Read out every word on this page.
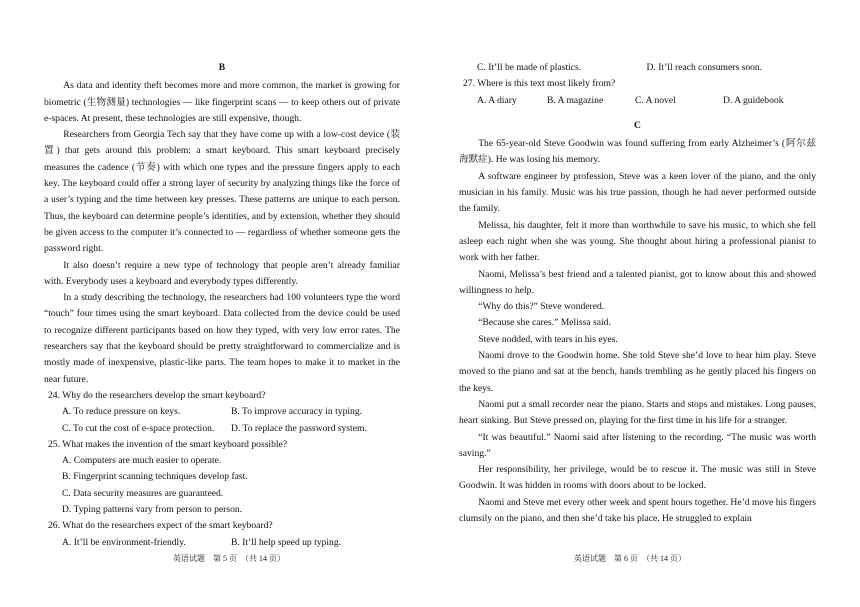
B

As data and identity theft becomes more and more common, the market is growing for biometric (生物测量) technologies — like fingerprint scans — to keep others out of private e-spaces. At present, these technologies are still expensive, though.

Researchers from Georgia Tech say that they have come up with a low-cost device (装置) that gets around this problem: a smart keyboard. This smart keyboard precisely measures the cadence (节奏) with which one types and the pressure fingers apply to each key. The keyboard could offer a strong layer of security by analyzing things like the force of a user’s typing and the time between key presses. These patterns are unique to each person. Thus, the keyboard can determine people’s identities, and by extension, whether they should be given access to the computer it’s connected to — regardless of whether someone gets the password right.

It also doesn’t require a new type of technology that people aren’t already familiar with. Everybody uses a keyboard and everybody types differently.

In a study describing the technology, the researchers had 100 volunteers type the word “touch” four times using the smart keyboard. Data collected from the device could be used to recognize different participants based on how they typed, with very low error rates. The researchers say that the keyboard should be pretty straightforward to commercialize and is mostly made of inexpensive, plastic-like parts. The team hopes to make it to market in the near future.

24. Why do the researchers develop the smart keyboard?
A. To reduce pressure on keys.	B. To improve accuracy in typing.
C. To cut the cost of e-space protection.	D. To replace the password system.
25. What makes the invention of the smart keyboard possible?
A. Computers are much easier to operate.
B. Fingerprint scanning techniques develop fast.
C. Data security measures are guaranteed.
D. Typing patterns vary from person to person.
26. What do the researchers expect of the smart keyboard?
A. It’ll be environment-friendly.	B. It’ll help speed up typing.
C. It’ll be made of plastics.	D. It’ll reach consumers soon.
27. Where is this text most likely from?
A. A diary	B. A magazine	C. A novel	D. A guidebook
C

The 65-year-old Steve Goodwin was found suffering from early Alzheimer’s (阿尔兹海默症). He was losing his memory.

A software engineer by profession, Steve was a keen lover of the piano, and the only musician in his family. Music was his true passion, though he had never performed outside the family.

Melissa, his daughter, felt it more than worthwhile to save his music, to which she fell asleep each night when she was young. She thought about hiring a professional pianist to work with her father.

Naomi, Melissa’s best friend and a talented pianist, got to know about this and showed willingness to help.

“Why do this?” Steve wondered.

“Because she cares.” Melissa said.

Steve nodded, with tears in his eyes.

Naomi drove to the Goodwin home. She told Steve she’d love to hear him play. Steve moved to the piano and sat at the bench, hands trembling as he gently placed his fingers on the keys.

Naomi put a small recorder near the piano. Starts and stops and mistakes. Long pauses, heart sinking. But Steve pressed on, playing for the first time in his life for a stranger.

“It was beautiful.” Naomi said after listening to the recording. “The music was worth saving.”

Her responsibility, her privilege, would be to rescue it. The music was still in Steve Goodwin. It was hidden in rooms with doors about to be locked.

Naomi and Steve met every other week and spent hours together. He’d move his fingers clumsily on the piano, and then she’d take his place. He struggled to explain

英语试题　第 5 页　（共 14 页）	英语试题　第 6 页　（共 14 页）
